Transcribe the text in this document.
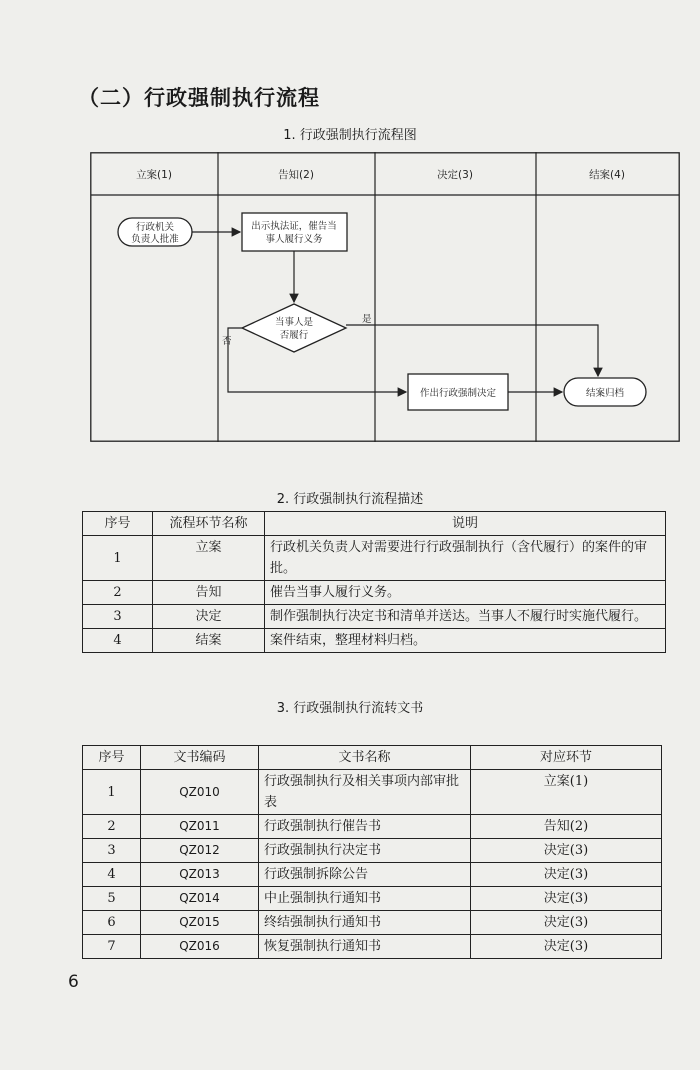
（二）行政强制执行流程
1. 行政强制执行流程图
立案(1)	告知(2)	决定(3)	结案(4)
行政机关
负责人批准
出示执法证，催告当
事人履行义务
当事人是
否履行
作出行政强制决定	结案归档
是
否
2. 行政强制执行流程描述
序号	流程环节名称	说明
1	立案	行政机关负责人对需要进行行政强制执行（含代履行）的案件的审批。
2	告知	催告当事人履行义务。
3	决定	制作强制执行决定书和清单并送达。当事人不履行时实施代履行。
4	结案	案件结束，整理材料归档。
3. 行政强制执行流转文书
序号	文书编码	文书名称	对应环节
1	QZ010	行政强制执行及相关事项内部审批表	立案(1)
2	QZ011	行政强制执行催告书	告知(2)
3	QZ012	行政强制执行决定书	决定(3)
4	QZ013	行政强制拆除公告	决定(3)
5	QZ014	中止强制执行通知书	决定(3)
6	QZ015	终结强制执行通知书	决定(3)
7	QZ016	恢复强制执行通知书	决定(3)
6
